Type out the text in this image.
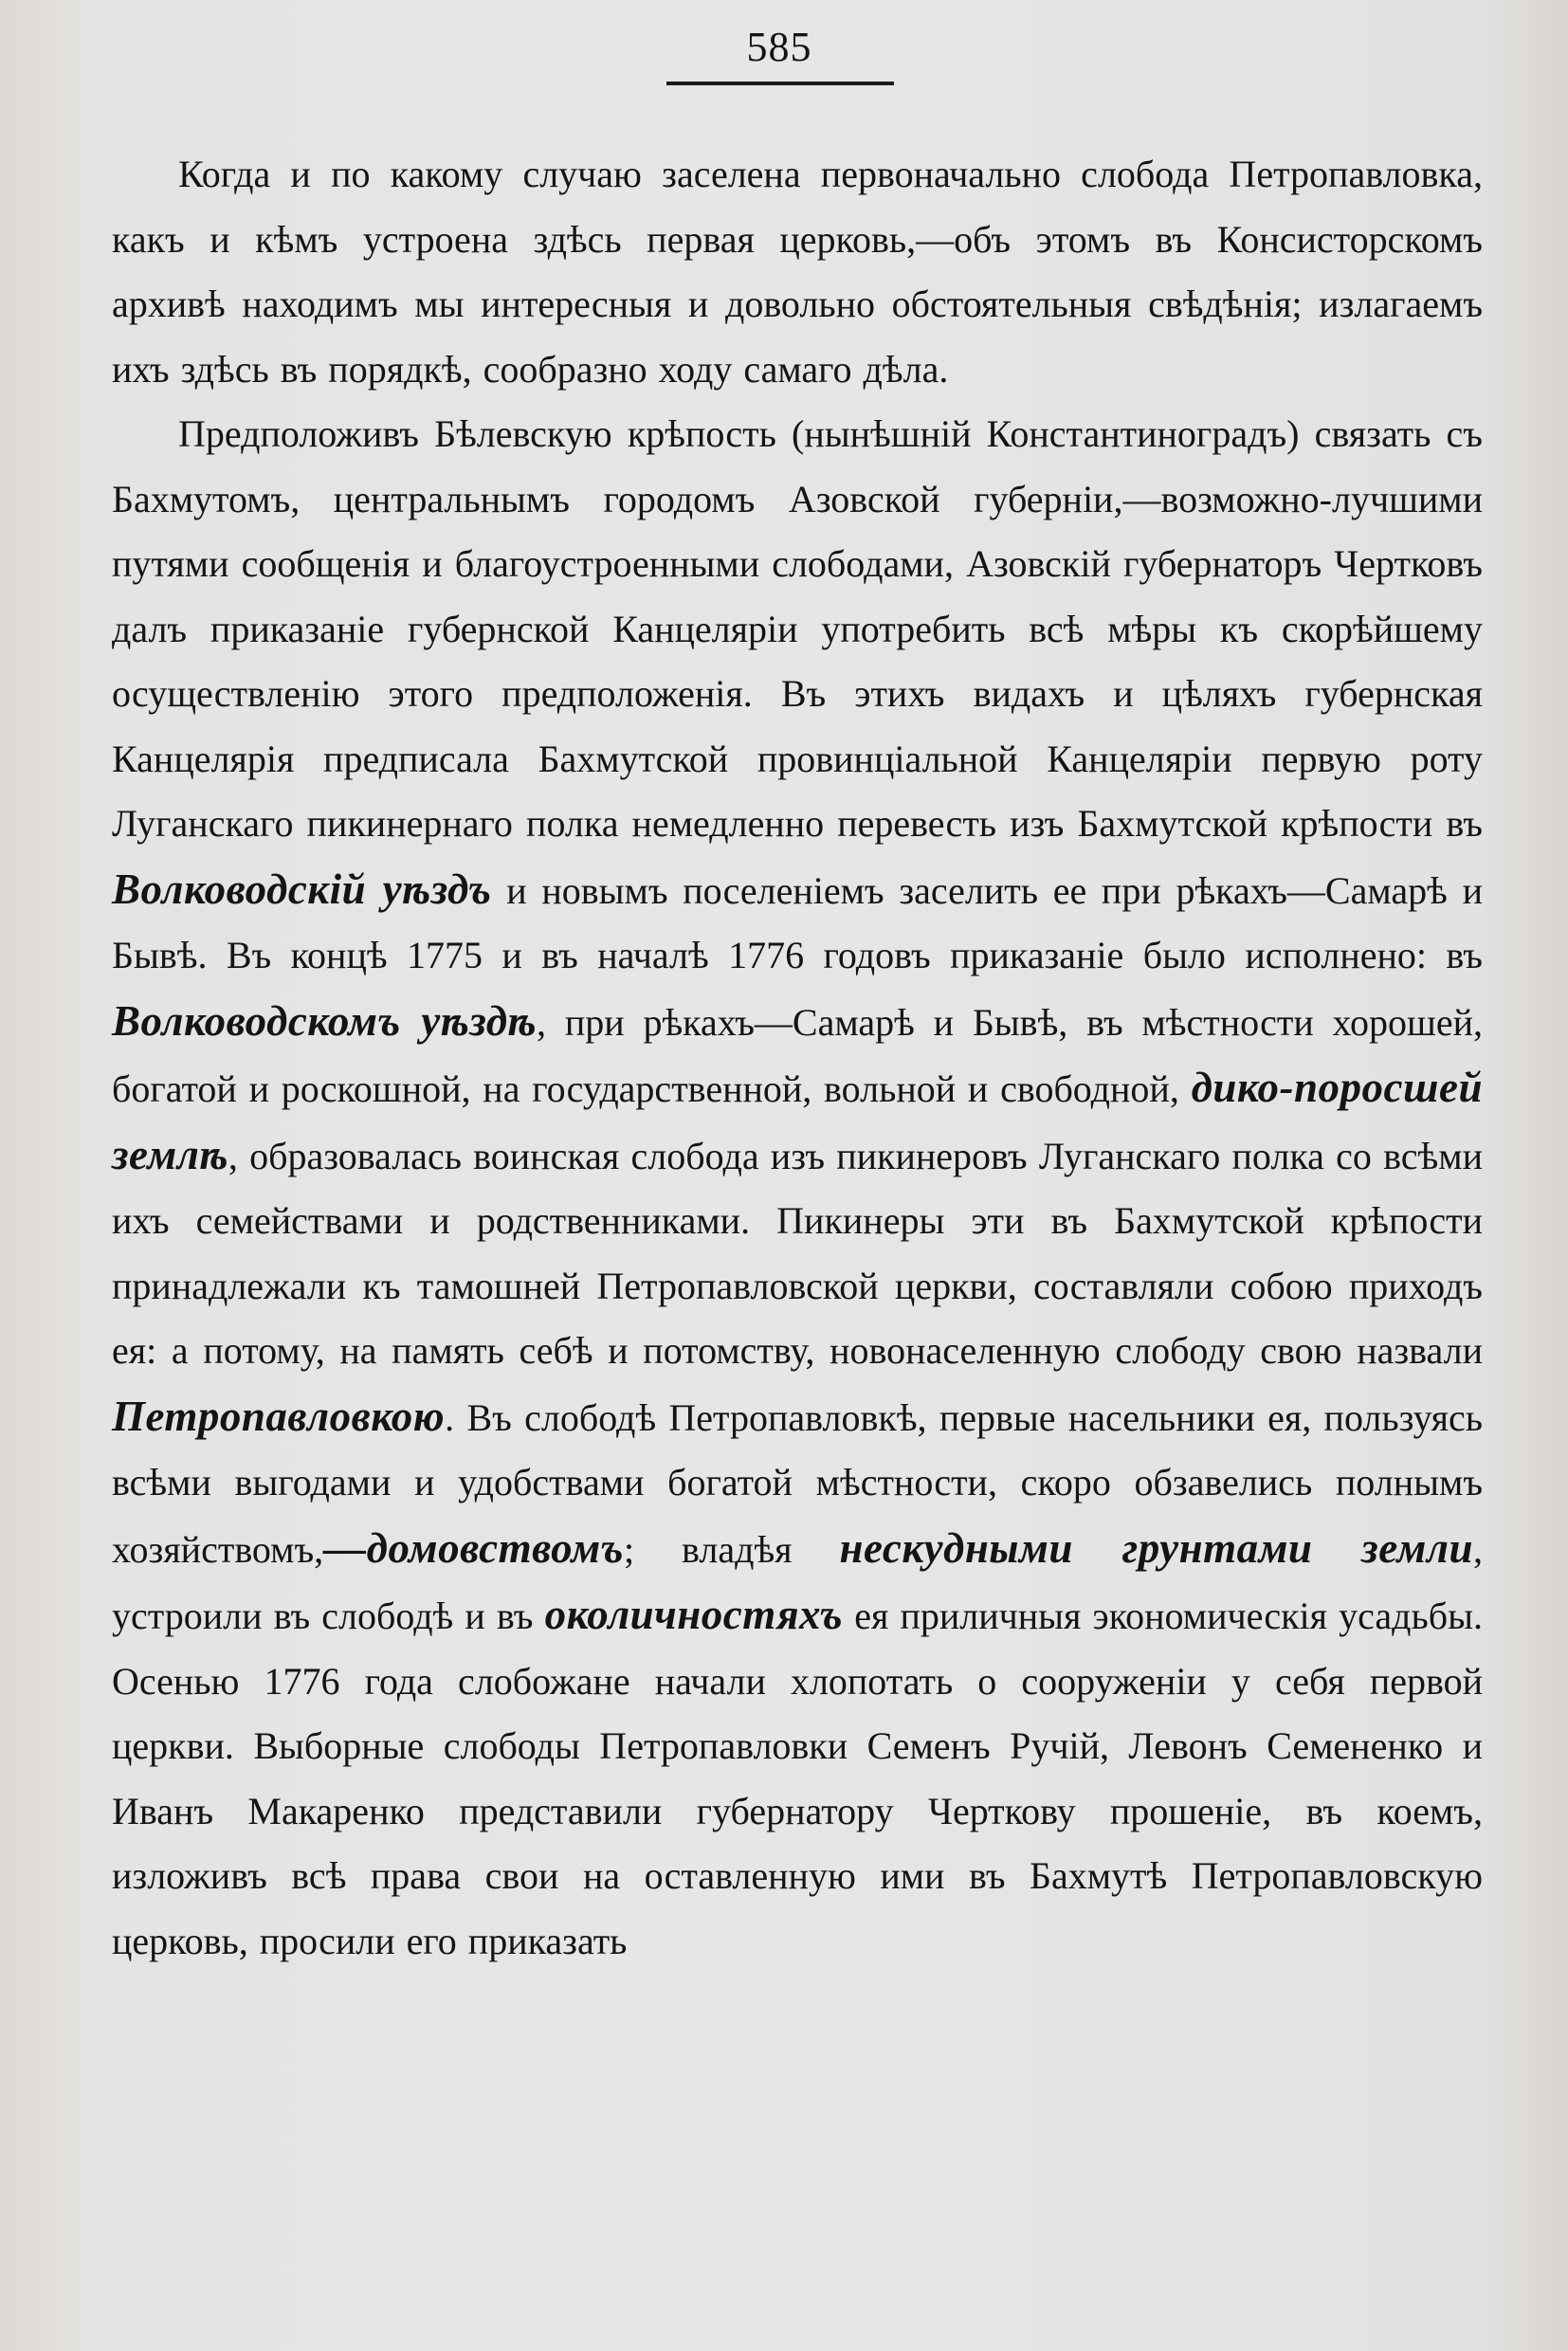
585

Когда и по какому случаю заселена первоначально слобода Петропавловка, какъ и кѣмъ устроена здѣсь первая церковь,—объ этомъ въ Консисторскомъ архивѣ находимъ мы интересныя и довольно обстоятельныя свѣдѣнія; излагаемъ ихъ здѣсь въ порядкѣ, сообразно ходу самаго дѣла.

Предположивъ Бѣлевскую крѣпость (нынѣшній Константиноградъ) связать съ Бахмутомъ, центральнымъ городомъ Азовской губерніи,—возможно-лучшими путями сообщенія и благоустроенными слободами, Азовскій губернаторъ Чертковъ далъ приказаніе губернской Канцеляріи употребить всѣ мѣры къ скорѣйшему осуществленію этого предположенія. Въ этихъ видахъ и цѣляхъ губернская Канцелярія предписала Бахмутской провинціальной Канцеляріи первую роту Луганскаго пикинернаго полка немедленно перевесть изъ Бахмутской крѣпости въ Волководскій уѣздъ и новымъ поселеніемъ заселить ее при рѣкахъ—Самарѣ и Бывѣ. Въ концѣ 1775 и въ началѣ 1776 годовъ приказаніе было исполнено: въ Волководскомъ уѣздѣ, при рѣкахъ—Самарѣ и Бывѣ, въ мѣстности хорошей, богатой и роскошной, на государственной, вольной и свободной, дико-поросшей землѣ, образовалась воинская слобода изъ пикинеровъ Луганскаго полка со всѣми ихъ семействами и родственниками. Пикинеры эти въ Бахмутской крѣпости принадлежали къ тамошней Петропавловской церкви, составляли собою приходъ ея: а потому, на память себѣ и потомству, новонаселенную слободу свою назвали Петропавловкою. Въ слободѣ Петропавловкѣ, первые насельники ея, пользуясь всѣми выгодами и удобствами богатой мѣстности, скоро обзавелись полнымъ хозяйствомъ,—домовствомъ; владѣя нескудными грунтами земли, устроили въ слободѣ и въ околичностяхъ ея приличныя экономическія усадьбы. Осенью 1776 года слобожане начали хлопотать о сооруженіи у себя первой церкви. Выборные слободы Петропавловки Семенъ Ручій, Левонъ Семененко и Иванъ Макаренко представили губернатору Черткову прошеніе, въ коемъ, изложивъ всѣ права свои на оставленную ими въ Бахмутѣ Петропавловскую церковь, просили его приказать
